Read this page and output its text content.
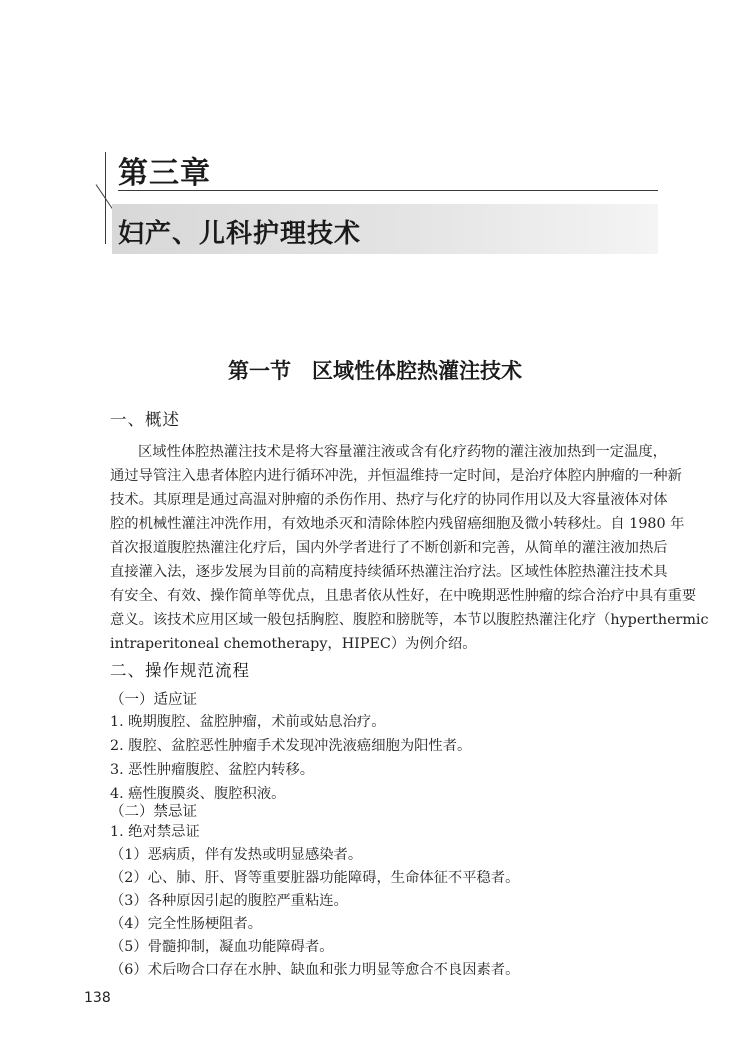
第三章
妇产、儿科护理技术
第一节　区域性体腔热灌注技术
一、概述
区域性体腔热灌注技术是将大容量灌注液或含有化疗药物的灌注液加热到一定温度，
通过导管注入患者体腔内进行循环冲洗，并恒温维持一定时间，是治疗体腔内肿瘤的一种新
技术。其原理是通过高温对肿瘤的杀伤作用、热疗与化疗的协同作用以及大容量液体对体
腔的机械性灌注冲洗作用，有效地杀灭和清除体腔内残留癌细胞及微小转移灶。自 1980 年
首次报道腹腔热灌注化疗后，国内外学者进行了不断创新和完善，从简单的灌注液加热后
直接灌入法，逐步发展为目前的高精度持续循环热灌注治疗法。区域性体腔热灌注技术具
有安全、有效、操作简单等优点，且患者依从性好，在中晚期恶性肿瘤的综合治疗中具有重要
意义。该技术应用区域一般包括胸腔、腹腔和膀胱等，本节以腹腔热灌注化疗（hyperthermic
intraperitoneal chemotherapy，HIPEC）为例介绍。
二、操作规范流程
（一）适应证
1. 晚期腹腔、盆腔肿瘤，术前或姑息治疗。
2. 腹腔、盆腔恶性肿瘤手术发现冲洗液癌细胞为阳性者。
3. 恶性肿瘤腹腔、盆腔内转移。
4. 癌性腹膜炎、腹腔积液。
（二）禁忌证
1. 绝对禁忌证
（1）恶病质，伴有发热或明显感染者。
（2）心、肺、肝、肾等重要脏器功能障碍，生命体征不平稳者。
（3）各种原因引起的腹腔严重粘连。
（4）完全性肠梗阻者。
（5）骨髓抑制，凝血功能障碍者。
（6）术后吻合口存在水肿、缺血和张力明显等愈合不良因素者。
138
